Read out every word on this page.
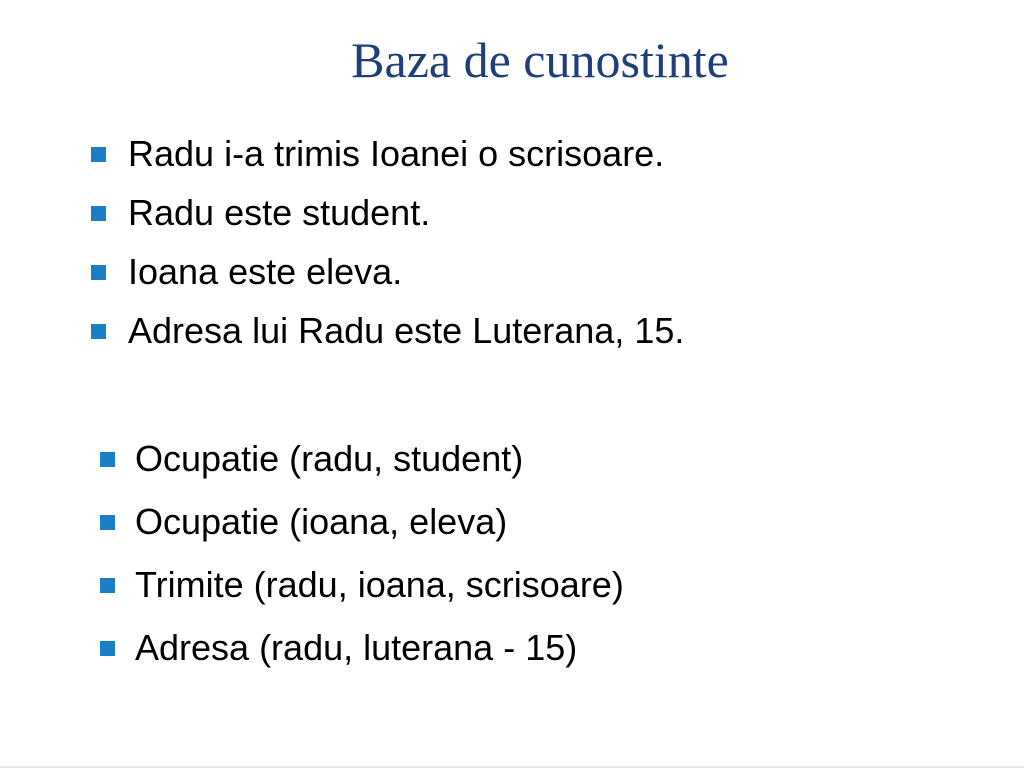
Baza de cunostinte
Radu i-a trimis Ioanei o scrisoare.
Radu este student.
Ioana este eleva.
Adresa lui Radu este Luterana, 15.
Ocupatie (radu, student)
Ocupatie (ioana, eleva)
Trimite (radu, ioana, scrisoare)
Adresa (radu, luterana - 15)
